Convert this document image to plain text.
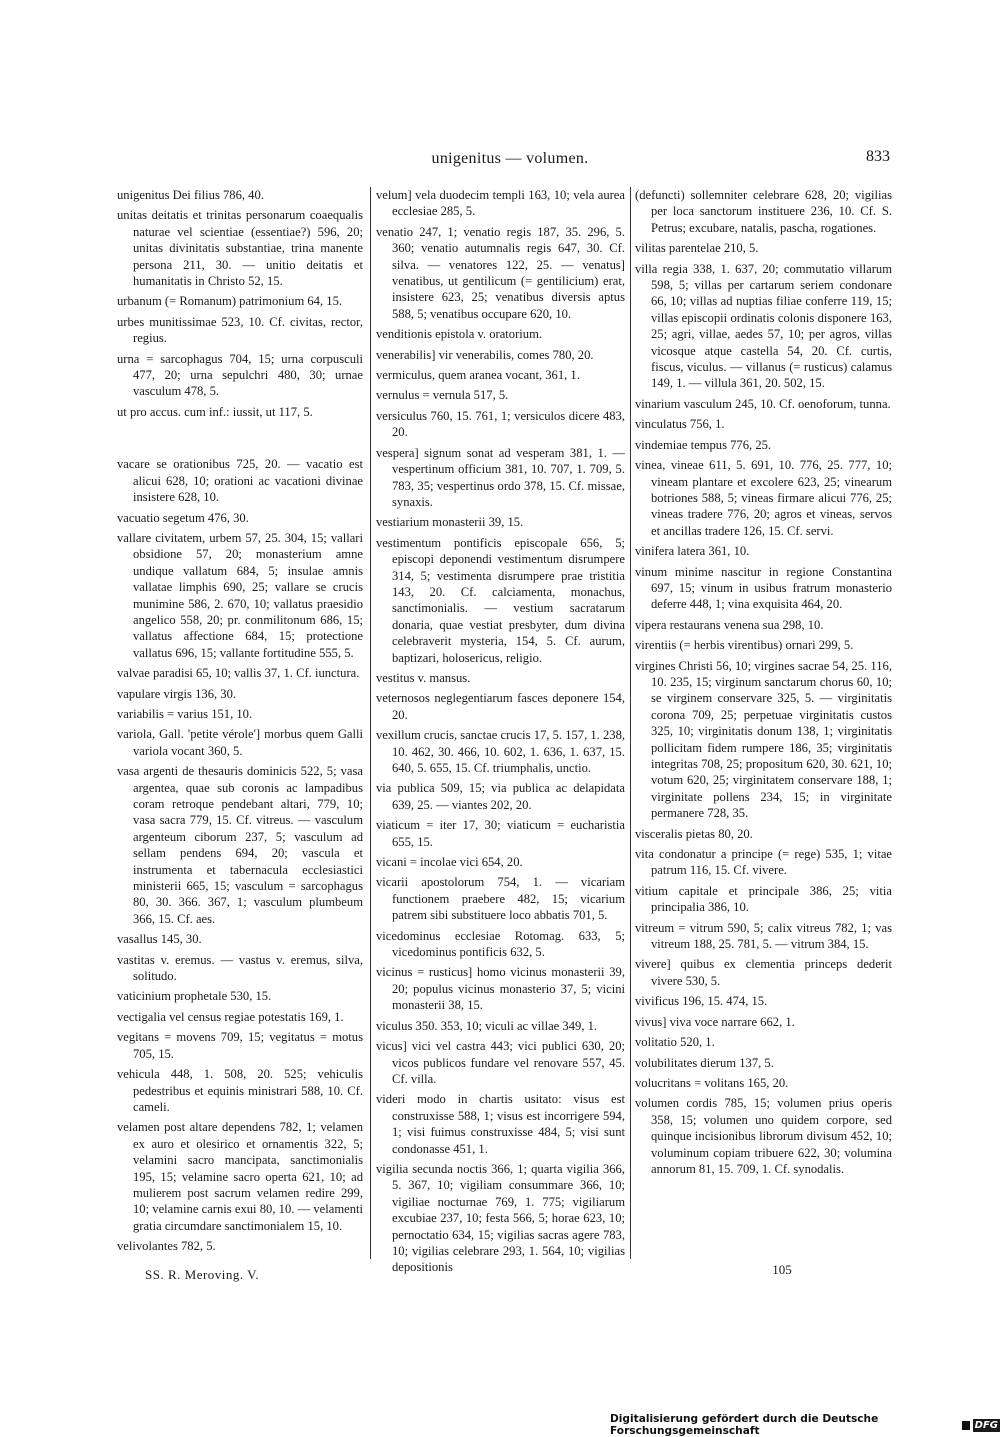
unigenitus — volumen.	833

unigenitus Dei filius 786, 40.

unitas deitatis et trinitas personarum coaequalis naturae vel scientiae (essentiae?) 596, 20; unitas divinitatis substantiae, trina manente persona 211, 30. — unitio deitatis et humanitatis in Christo 52, 15.

urbanum (= Romanum) patrimonium 64, 15.

urbes munitissimae 523, 10. Cf. civitas, rector, regius.

urna = sarcophagus 704, 15; urna corpusculi 477, 20; urna sepulchri 480, 30; urnae vasculum 478, 5.

ut pro accus. cum inf.: iussit, ut 117, 5.

vacare se orationibus 725, 20. — vacatio est alicui 628, 10; orationi ac vacationi divinae insistere 628, 10.

vacuatio segetum 476, 30.

vallare civitatem, urbem 57, 25. 304, 15; vallari obsidione 57, 20; monasterium amne undique vallatum 684, 5; insulae amnis vallatae limphis 690, 25; vallare se crucis munimine 586, 2. 670, 10; vallatus praesidio angelico 558, 20; pr. conmilitonum 686, 15; vallatus affectione 684, 15; protectione vallatus 696, 15; vallante fortitudine 555, 5.

valvae paradisi 65, 10; vallis 37, 1. Cf. iunctura.

vapulare virgis 136, 30.

variabilis = varius 151, 10.

variola, Gall. 'petite vérole'] morbus quem Galli variola vocant 360, 5.

vasa argenti de thesauris dominicis 522, 5; vasa argentea, quae sub coronis ac lampadibus coram retroque pendebant altari, 779, 10; vasa sacra 779, 15. Cf. vitreus. — vasculum argenteum ciborum 237, 5; vasculum ad sellam pendens 694, 20; vascula et instrumenta et tabernacula ecclesiastici ministerii 665, 15; vasculum = sarcophagus 80, 30. 366. 367, 1; vasculum plumbeum 366, 15. Cf. aes.

vasallus 145, 30.

vastitas v. eremus. — vastus v. eremus, silva, solitudo.

vaticinium prophetale 530, 15.

vectigalia vel census regiae potestatis 169, 1.

vegitans = movens 709, 15; vegitatus = motus 705, 15.

vehicula 448, 1. 508, 20. 525; vehiculis pedestribus et equinis ministrari 588, 10. Cf. cameli.

velamen post altare dependens 782, 1; velamen ex auro et olesirico et ornamentis 322, 5; velamini sacro mancipata, sanctimonialis 195, 15; velamine sacro operta 621, 10; ad mulierem post sacrum velamen redire 299, 10; velamine carnis exui 80, 10. — velamenti gratia circumdare sanctimonialem 15, 10.

velivolantes 782, 5.

velum] vela duodecim templi 163, 10; vela aurea ecclesiae 285, 5.

venatio 247, 1; venatio regis 187, 35. 296, 5. 360; venatio autumnalis regis 647, 30. Cf. silva. — venatores 122, 25. — venatus] venatibus, ut gentilicum (= gentilicium) erat, insistere 623, 25; venatibus diversis aptus 588, 5; venatibus occupare 620, 10.

venditionis epistola v. oratorium.

venerabilis] vir venerabilis, comes 780, 20.

vermiculus, quem aranea vocant, 361, 1.

vernulus = vernula 517, 5.

versiculus 760, 15. 761, 1; versiculos dicere 483, 20.

vespera] signum sonat ad vesperam 381, 1. — vespertinum officium 381, 10. 707, 1. 709, 5. 783, 35; vespertinus ordo 378, 15. Cf. missae, synaxis.

vestiarium monasterii 39, 15.

vestimentum pontificis episcopale 656, 5; episcopi deponendi vestimentum disrumpere 314, 5; vestimenta disrumpere prae tristitia 143, 20. Cf. calciamenta, monachus, sanctimonialis. — vestium sacratarum donaria, quae vestiat presbyter, dum divina celebraverit mysteria, 154, 5. Cf. aurum, baptizari, holosericus, religio.

vestitus v. mansus.

veternosos neglegentiarum fasces deponere 154, 20.

vexillum crucis, sanctae crucis 17, 5. 157, 1. 238, 10. 462, 30. 466, 10. 602, 1. 636, 1. 637, 15. 640, 5. 655, 15. Cf. triumphalis, unctio.

via publica 509, 15; via publica ac delapidata 639, 25. — viantes 202, 20.

viaticum = iter 17, 30; viaticum = eucharistia 655, 15.

vicani = incolae vici 654, 20.

vicarii apostolorum 754, 1. — vicariam functionem praebere 482, 15; vicarium patrem sibi substituere loco abbatis 701, 5.

vicedominus ecclesiae Rotomag. 633, 5; vicedominus pontificis 632, 5.

vicinus = rusticus] homo vicinus monasterii 39, 20; populus vicinus monasterio 37, 5; vicini monasterii 38, 15.

viculus 350. 353, 10; viculi ac villae 349, 1.

vicus] vici vel castra 443; vici publici 630, 20; vicos publicos fundare vel renovare 557, 45. Cf. villa.

videri modo in chartis usitato: visus est construxisse 588, 1; visus est incorrigere 594, 1; visi fuimus construxisse 484, 5; visi sunt condonasse 451, 1.

vigilia secunda noctis 366, 1; quarta vigilia 366, 5. 367, 10; vigiliam consummare 366, 10; vigiliae nocturnae 769, 1. 775; vigiliarum excubiae 237, 10; festa 566, 5; horae 623, 10; pernoctatio 634, 15; vigilias sacras agere 783, 10; vigilias celebrare 293, 1. 564, 10; vigilias depositionis

(defuncti) sollemniter celebrare 628, 20; vigilias per loca sanctorum instituere 236, 10. Cf. S. Petrus; excubare, natalis, pascha, rogationes.

vilitas parentelae 210, 5.

villa regia 338, 1. 637, 20; commutatio villarum 598, 5; villas per cartarum seriem condonare 66, 10; villas ad nuptias filiae conferre 119, 15; villas episcopii ordinatis colonis disponere 163, 25; agri, villae, aedes 57, 10; per agros, villas vicosque atque castella 54, 20. Cf. curtis, fiscus, viculus. — villanus (= rusticus) calamus 149, 1. — villula 361, 20. 502, 15.

vinarium vasculum 245, 10. Cf. oenoforum, tunna.

vinculatus 756, 1.

vindemiae tempus 776, 25.

vinea, vineae 611, 5. 691, 10. 776, 25. 777, 10; vineam plantare et excolere 623, 25; vinearum botriones 588, 5; vineas firmare alicui 776, 25; vineas tradere 776, 20; agros et vineas, servos et ancillas tradere 126, 15. Cf. servi.

vinifera latera 361, 10.

vinum minime nascitur in regione Constantina 697, 15; vinum in usibus fratrum monasterio deferre 448, 1; vina exquisita 464, 20.

vipera restaurans venena sua 298, 10.

virentiis (= herbis virentibus) ornari 299, 5.

virgines Christi 56, 10; virgines sacrae 54, 25. 116, 10. 235, 15; virginum sanctarum chorus 60, 10; se virginem conservare 325, 5. — virginitatis corona 709, 25; perpetuae virginitatis custos 325, 10; virginitatis donum 138, 1; virginitatis pollicitam fidem rumpere 186, 35; virginitatis integritas 708, 25; propositum 620, 30. 621, 10; votum 620, 25; virginitatem conservare 188, 1; virginitate pollens 234, 15; in virginitate permanere 728, 35.

visceralis pietas 80, 20.

vita condonatur a principe (= rege) 535, 1; vitae patrum 116, 15. Cf. vivere.

vitium capitale et principale 386, 25; vitia principalia 386, 10.

vitreum = vitrum 590, 5; calix vitreus 782, 1; vas vitreum 188, 25. 781, 5. — vitrum 384, 15.

vivere] quibus ex clementia princeps dederit vivere 530, 5.

vivificus 196, 15. 474, 15.

vivus] viva voce narrare 662, 1.

volitatio 520, 1.

volubilitates dierum 137, 5.

volucritans = volitans 165, 20.

volumen cordis 785, 15; volumen prius operis 358, 15; volumen uno quidem corpore, sed quinque incisionibus librorum divisum 452, 10; voluminum copiam tribuere 622, 30; volumina annorum 81, 15. 709, 1. Cf. synodalis.

SS. R. Meroving. V.	105
Digitalisierung gefördert durch die Deutsche Forschungsgemeinschaft	DFG
